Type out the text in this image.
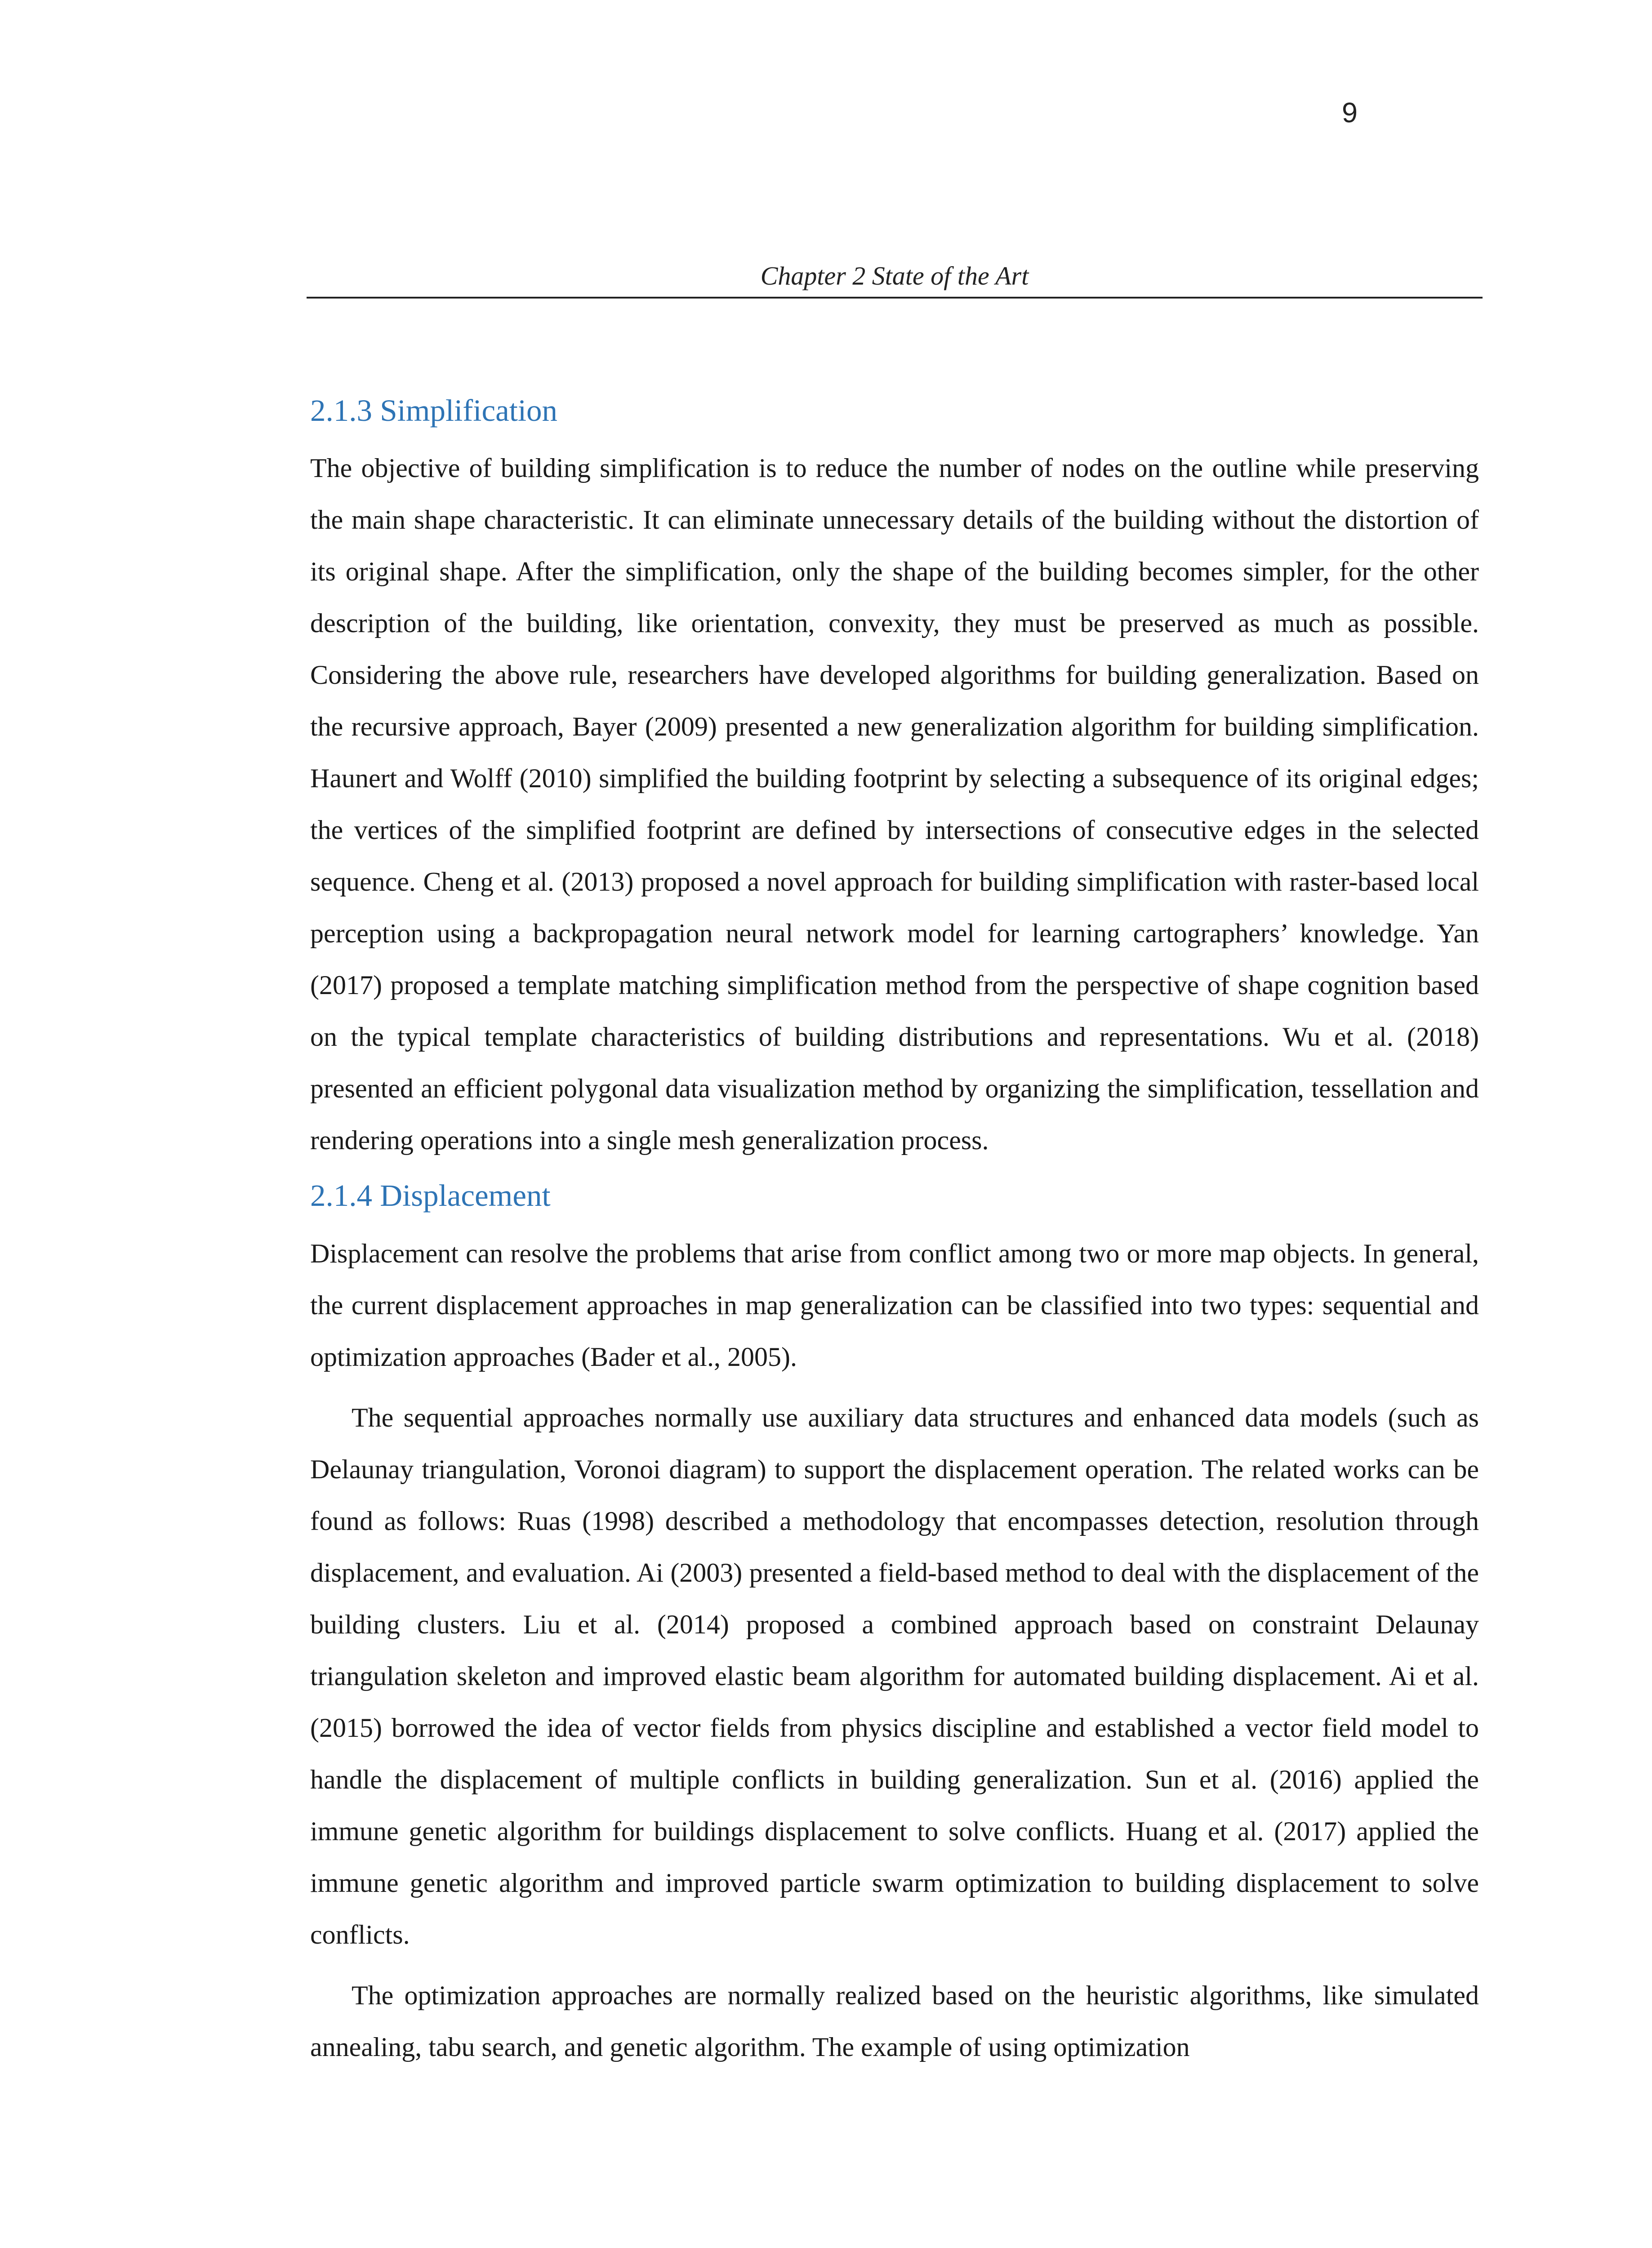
9
Chapter 2 State of the Art
2.1.3 Simplification

The objective of building simplification is to reduce the number of nodes on the outline while preserving the main shape characteristic. It can eliminate unnecessary details of the building without the distortion of its original shape. After the simplification, only the shape of the building becomes simpler, for the other description of the building, like orientation, convexity, they must be preserved as much as possible. Considering the above rule, researchers have developed algorithms for building generalization. Based on the recursive approach, Bayer (2009) presented a new generalization algorithm for building simplification. Haunert and Wolff (2010) simplified the building footprint by selecting a subsequence of its original edges; the vertices of the simplified footprint are defined by intersections of consecutive edges in the selected sequence. Cheng et al. (2013) proposed a novel approach for building simplification with raster-based local perception using a backpropagation neural network model for learning cartographers’ knowledge. Yan (2017) proposed a template matching simplification method from the perspective of shape cognition based on the typical template characteristics of building distributions and representations. Wu et al. (2018) presented an efficient polygonal data visualization method by organizing the simplification, tessellation and rendering operations into a single mesh generalization process.

2.1.4 Displacement

Displacement can resolve the problems that arise from conflict among two or more map objects. In general, the current displacement approaches in map generalization can be classified into two types: sequential and optimization approaches (Bader et al., 2005).

The sequential approaches normally use auxiliary data structures and enhanced data models (such as Delaunay triangulation, Voronoi diagram) to support the displacement operation. The related works can be found as follows: Ruas (1998) described a methodology that encompasses detection, resolution through displacement, and evaluation. Ai (2003) presented a field-based method to deal with the displacement of the building clusters. Liu et al. (2014) proposed a combined approach based on constraint Delaunay triangulation skeleton and improved elastic beam algorithm for automated building displacement. Ai et al. (2015) borrowed the idea of vector fields from physics discipline and established a vector field model to handle the displacement of multiple conflicts in building generalization. Sun et al. (2016) applied the immune genetic algorithm for buildings displacement to solve conflicts. Huang et al. (2017) applied the immune genetic algorithm and improved particle swarm optimization to building displacement to solve conflicts.

The optimization approaches are normally realized based on the heuristic algorithms, like simulated annealing, tabu search, and genetic algorithm. The example of using optimization
